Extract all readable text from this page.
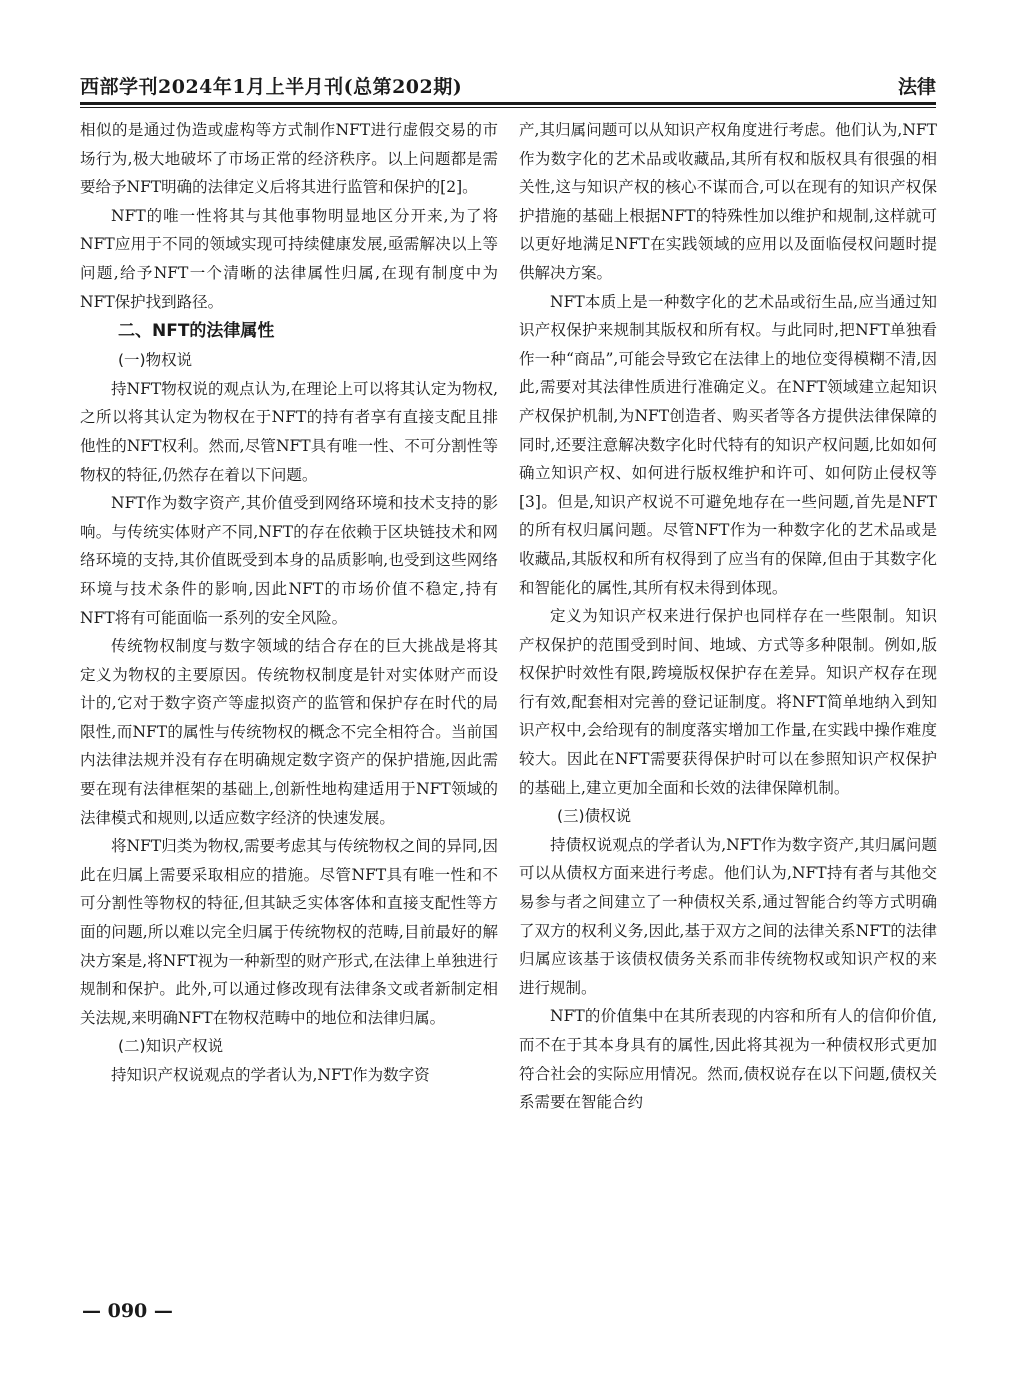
西部学刊2024年1月上半月刊(总第202期)	法律

相似的是通过伪造或虚构等方式制作NFT进行虚假交易的市场行为,极大地破坏了市场正常的经济秩序。以上问题都是需要给予NFT明确的法律定义后将其进行监管和保护的[2]。

NFT的唯一性将其与其他事物明显地区分开来,为了将NFT应用于不同的领域实现可持续健康发展,亟需解决以上等问题,给予NFT一个清晰的法律属性归属,在现有制度中为NFT保护找到路径。

二、NFT的法律属性
(一)物权说

持NFT物权说的观点认为,在理论上可以将其认定为物权,之所以将其认定为物权在于NFT的持有者享有直接支配且排他性的NFT权利。然而,尽管NFT具有唯一性、不可分割性等物权的特征,仍然存在着以下问题。

NFT作为数字资产,其价值受到网络环境和技术支持的影响。与传统实体财产不同,NFT的存在依赖于区块链技术和网络环境的支持,其价值既受到本身的品质影响,也受到这些网络环境与技术条件的影响,因此NFT的市场价值不稳定,持有NFT将有可能面临一系列的安全风险。

传统物权制度与数字领域的结合存在的巨大挑战是将其定义为物权的主要原因。传统物权制度是针对实体财产而设计的,它对于数字资产等虚拟资产的监管和保护存在时代的局限性,而NFT的属性与传统物权的概念不完全相符合。当前国内法律法规并没有存在明确规定数字资产的保护措施,因此需要在现有法律框架的基础上,创新性地构建适用于NFT领域的法律模式和规则,以适应数字经济的快速发展。

将NFT归类为物权,需要考虑其与传统物权之间的异同,因此在归属上需要采取相应的措施。尽管NFT具有唯一性和不可分割性等物权的特征,但其缺乏实体客体和直接支配性等方面的问题,所以难以完全归属于传统物权的范畴,目前最好的解决方案是,将NFT视为一种新型的财产形式,在法律上单独进行规制和保护。此外,可以通过修改现有法律条文或者新制定相关法规,来明确NFT在物权范畴中的地位和法律归属。

(二)知识产权说

持知识产权说观点的学者认为,NFT作为数字资

产,其归属问题可以从知识产权角度进行考虑。他们认为,NFT作为数字化的艺术品或收藏品,其所有权和版权具有很强的相关性,这与知识产权的核心不谋而合,可以在现有的知识产权保护措施的基础上根据NFT的特殊性加以维护和规制,这样就可以更好地满足NFT在实践领域的应用以及面临侵权问题时提供解决方案。

NFT本质上是一种数字化的艺术品或衍生品,应当通过知识产权保护来规制其版权和所有权。与此同时,把NFT单独看作一种“商品”,可能会导致它在法律上的地位变得模糊不清,因此,需要对其法律性质进行准确定义。在NFT领域建立起知识产权保护机制,为NFT创造者、购买者等各方提供法律保障的同时,还要注意解决数字化时代特有的知识产权问题,比如如何确立知识产权、如何进行版权维护和许可、如何防止侵权等[3]。但是,知识产权说不可避免地存在一些问题,首先是NFT的所有权归属问题。尽管NFT作为一种数字化的艺术品或是收藏品,其版权和所有权得到了应当有的保障,但由于其数字化和智能化的属性,其所有权未得到体现。

定义为知识产权来进行保护也同样存在一些限制。知识产权保护的范围受到时间、地域、方式等多种限制。例如,版权保护时效性有限,跨境版权保护存在差异。知识产权存在现行有效,配套相对完善的登记证制度。将NFT简单地纳入到知识产权中,会给现有的制度落实增加工作量,在实践中操作难度较大。因此在NFT需要获得保护时可以在参照知识产权保护的基础上,建立更加全面和长效的法律保障机制。

(三)债权说

持债权说观点的学者认为,NFT作为数字资产,其归属问题可以从债权方面来进行考虑。他们认为,NFT持有者与其他交易参与者之间建立了一种债权关系,通过智能合约等方式明确了双方的权利义务,因此,基于双方之间的法律关系NFT的法律归属应该基于该债权债务关系而非传统物权或知识产权的来进行规制。

NFT的价值集中在其所表现的内容和所有人的信仰价值,而不在于其本身具有的属性,因此将其视为一种债权形式更加符合社会的实际应用情况。然而,债权说存在以下问题,债权关系需要在智能合约

— 090 —
